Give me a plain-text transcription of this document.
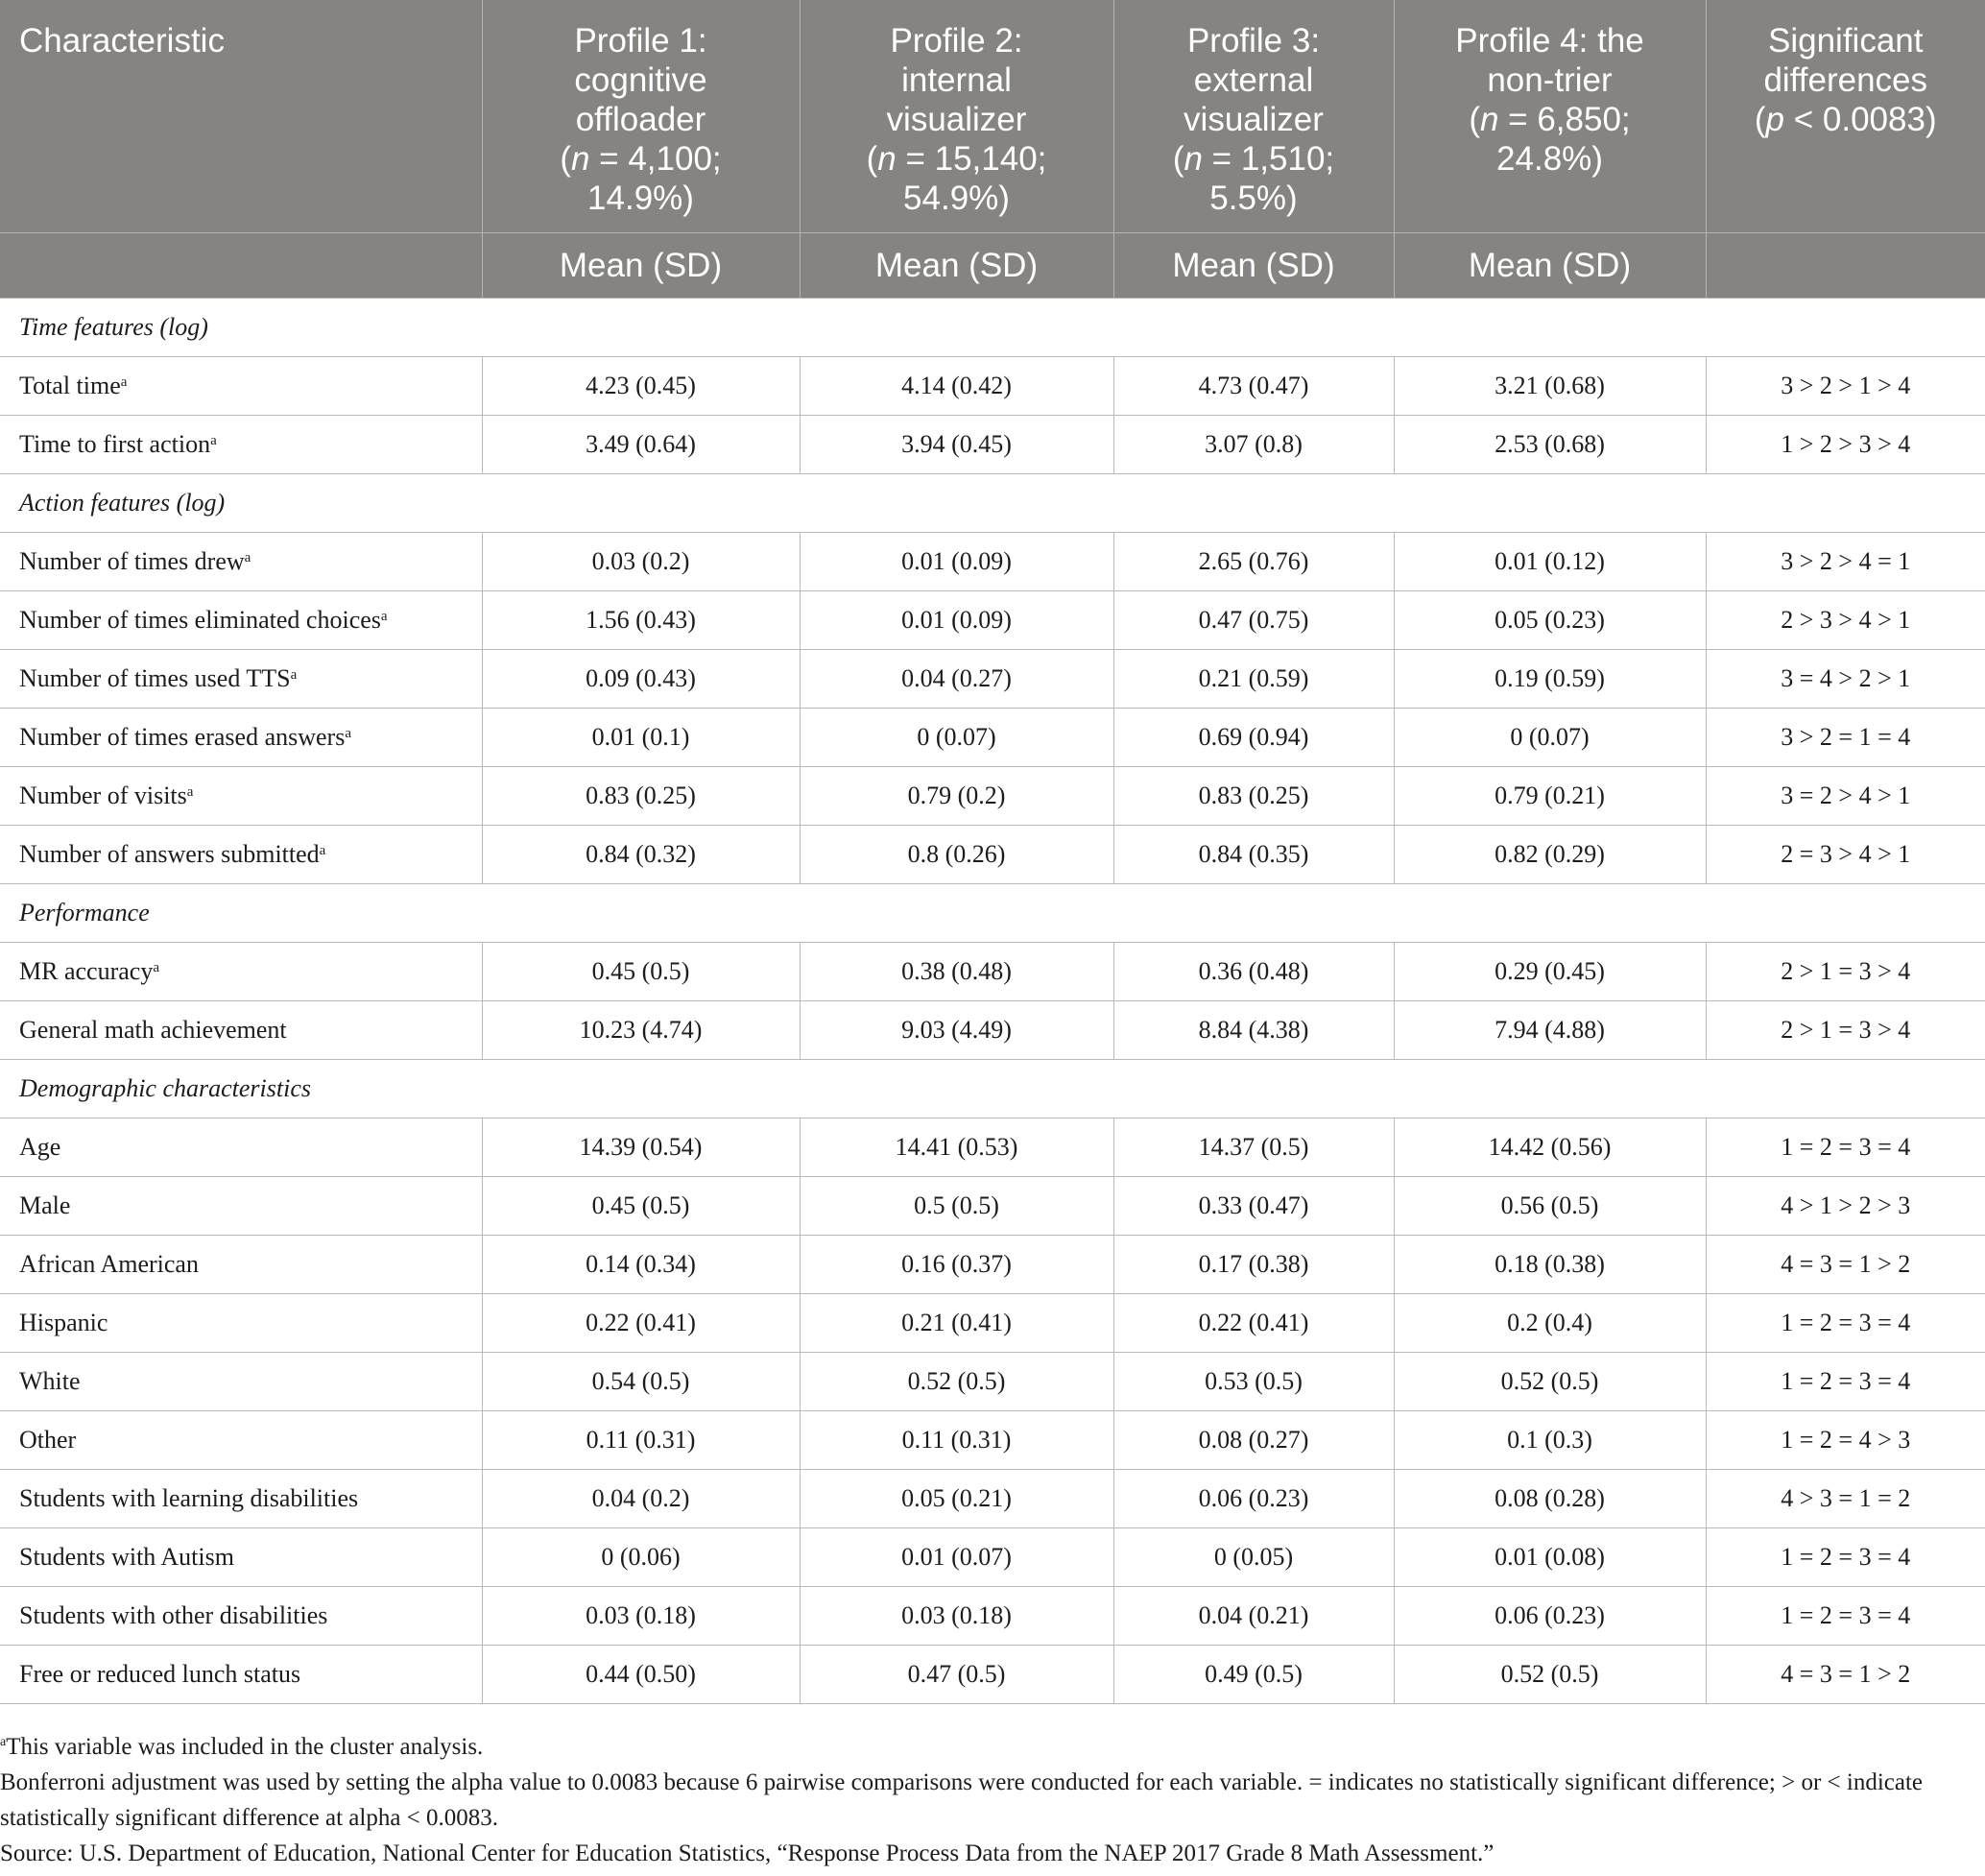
Characteristic	Profile 1:
cognitive
offloader
(n = 4,100;
14.9%)	Profile 2:
internal
visualizer
(n = 15,140;
54.9%)	Profile 3:
external
visualizer
(n = 1,510;
5.5%)	Profile 4: the
non-trier
(n = 6,850;
24.8%)	Significant
differences
(p < 0.0083)
	Mean (SD)	Mean (SD)	Mean (SD)	Mean (SD)	
Time features (log)					
Total time$^a$	4.23 (0.45)	4.14 (0.42)	4.73 (0.47)	3.21 (0.68)	3 > 2 > 1 > 4
Time to first action$^a$	3.49 (0.64)	3.94 (0.45)	3.07 (0.8)	2.53 (0.68)	1 > 2 > 3 > 4
Action features (log)					
Number of times drew$^a$	0.03 (0.2)	0.01 (0.09)	2.65 (0.76)	0.01 (0.12)	3 > 2 > 4 = 1
Number of times eliminated choices$^a$	1.56 (0.43)	0.01 (0.09)	0.47 (0.75)	0.05 (0.23)	2 > 3 > 4 > 1
Number of times used TTS$^a$	0.09 (0.43)	0.04 (0.27)	0.21 (0.59)	0.19 (0.59)	3 = 4 > 2 > 1
Number of times erased answers$^a$	0.01 (0.1)	0 (0.07)	0.69 (0.94)	0 (0.07)	3 > 2 = 1 = 4
Number of visits$^a$	0.83 (0.25)	0.79 (0.2)	0.83 (0.25)	0.79 (0.21)	3 = 2 > 4 > 1
Number of answers submitted$^a$	0.84 (0.32)	0.8 (0.26)	0.84 (0.35)	0.82 (0.29)	2 = 3 > 4 > 1
Performance					
MR accuracy$^a$	0.45 (0.5)	0.38 (0.48)	0.36 (0.48)	0.29 (0.45)	2 > 1 = 3 > 4
General math achievement	10.23 (4.74)	9.03 (4.49)	8.84 (4.38)	7.94 (4.88)	2 > 1 = 3 > 4
Demographic characteristics					
Age	14.39 (0.54)	14.41 (0.53)	14.37 (0.5)	14.42 (0.56)	1 = 2 = 3 = 4
Male	0.45 (0.5)	0.5 (0.5)	0.33 (0.47)	0.56 (0.5)	4 > 1 > 2 > 3
African American	0.14 (0.34)	0.16 (0.37)	0.17 (0.38)	0.18 (0.38)	4 = 3 = 1 > 2
Hispanic	0.22 (0.41)	0.21 (0.41)	0.22 (0.41)	0.2 (0.4)	1 = 2 = 3 = 4
White	0.54 (0.5)	0.52 (0.5)	0.53 (0.5)	0.52 (0.5)	1 = 2 = 3 = 4
Other	0.11 (0.31)	0.11 (0.31)	0.08 (0.27)	0.1 (0.3)	1 = 2 = 4 > 3
Students with learning disabilities	0.04 (0.2)	0.05 (0.21)	0.06 (0.23)	0.08 (0.28)	4 > 3 = 1 = 2
Students with Autism	0 (0.06)	0.01 (0.07)	0 (0.05)	0.01 (0.08)	1 = 2 = 3 = 4
Students with other disabilities	0.03 (0.18)	0.03 (0.18)	0.04 (0.21)	0.06 (0.23)	1 = 2 = 3 = 4
Free or reduced lunch status	0.44 (0.50)	0.47 (0.5)	0.49 (0.5)	0.52 (0.5)	4 = 3 = 1 > 2

$^a$This variable was included in the cluster analysis.

Bonferroni adjustment was used by setting the alpha value to 0.0083 because 6 pairwise comparisons were conducted for each variable. = indicates no statistically significant difference; > or < indicate statistically significant difference at alpha < 0.0083.

Source: U.S. Department of Education, National Center for Education Statistics, “Response Process Data from the NAEP 2017 Grade 8 Math Assessment.”
